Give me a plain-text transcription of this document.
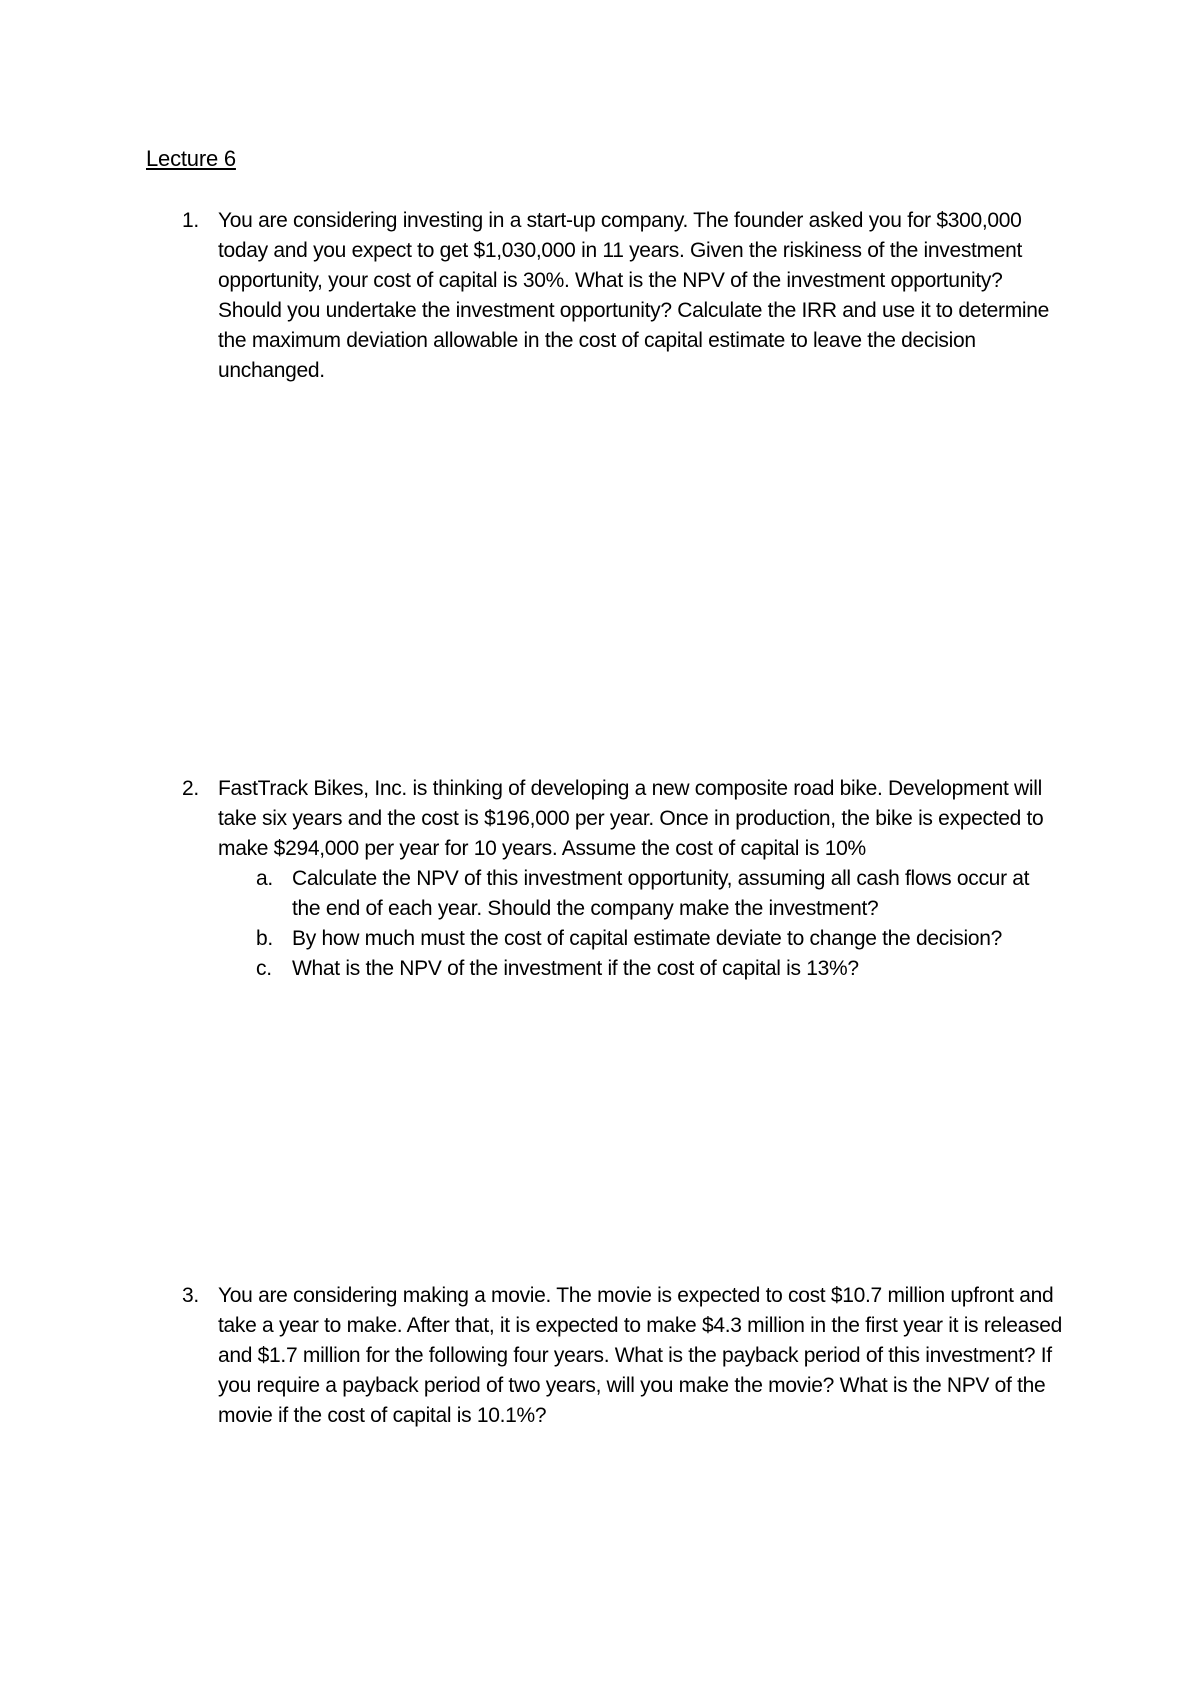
Lecture 6
1. You are considering investing in a start-up company. The founder asked you for $300,000 today and you expect to get $1,030,000 in 11 years. Given the riskiness of the investment opportunity, your cost of capital is 30%. What is the NPV of the investment opportunity? Should you undertake the investment opportunity? Calculate the IRR and use it to determine the maximum deviation allowable in the cost of capital estimate to leave the decision unchanged.
2. FastTrack Bikes, Inc. is thinking of developing a new composite road bike. Development will take six years and the cost is $196,000 per year. Once in production, the bike is expected to make $294,000 per year for 10 years. Assume the cost of capital is 10%
a. Calculate the NPV of this investment opportunity, assuming all cash flows occur at the end of each year. Should the company make the investment?
b. By how much must the cost of capital estimate deviate to change the decision?
c. What is the NPV of the investment if the cost of capital is 13%?
3. You are considering making a movie. The movie is expected to cost $10.7 million upfront and take a year to make. After that, it is expected to make $4.3 million in the first year it is released and $1.7 million for the following four years. What is the payback period of this investment? If you require a payback period of two years, will you make the movie? What is the NPV of the movie if the cost of capital is 10.1%?
